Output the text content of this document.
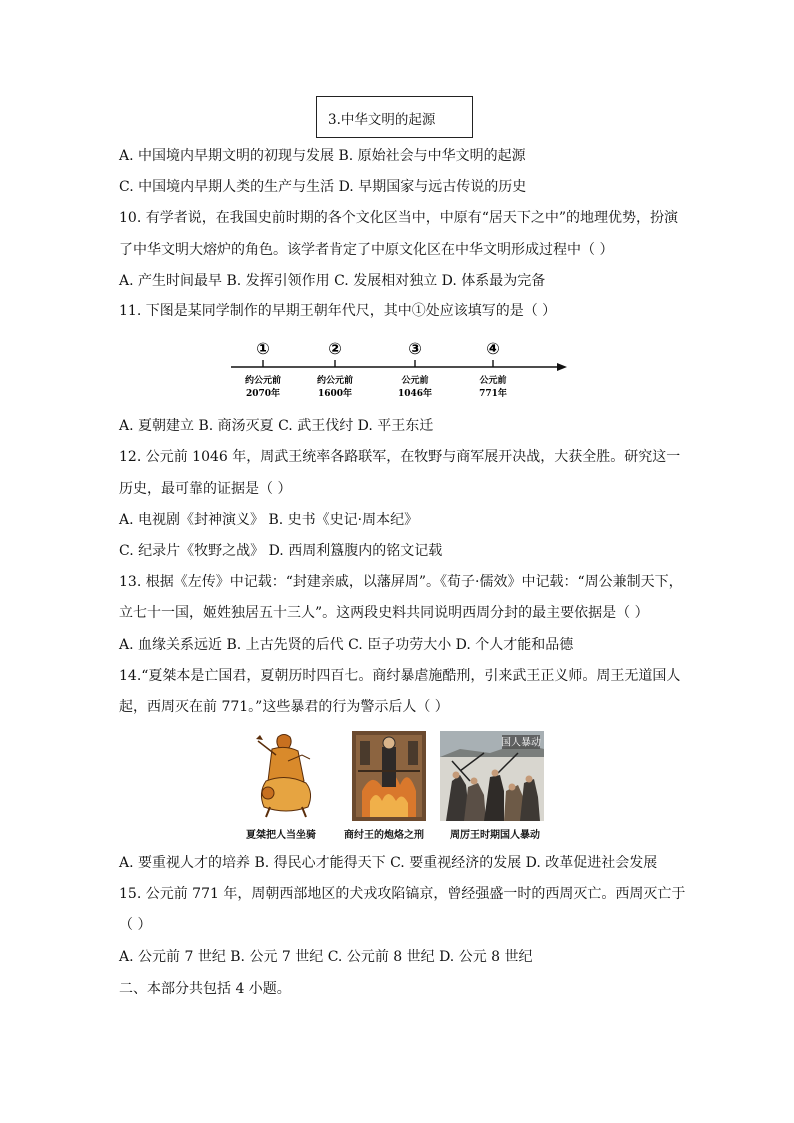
3.中华文明的起源
A. 中国境内早期文明的初现与发展 B. 原始社会与中华文明的起源
C. 中国境内早期人类的生产与生活 D. 早期国家与远古传说的历史
10. 有学者说，在我国史前时期的各个文化区当中，中原有“居天下之中”的地理优势，扮演
了中华文明大熔炉的角色。该学者肯定了中原文化区在中华文明形成过程中（ ）
A. 产生时间最早 B. 发挥引领作用 C. 发展相对独立 D. 体系最为完备
11. 下图是某同学制作的早期王朝年代尺，其中①处应该填写的是（ ）
①	②	③	④
约公元前
2070年
约公元前
1600年
公元前
1046年
公元前
771年
A. 夏朝建立 B. 商汤灭夏 C. 武王伐纣 D. 平王东迁
12. 公元前 1046 年，周武王统率各路联军，在牧野与商军展开决战，大获全胜。研究这一
历史，最可靠的证据是（ ）
A. 电视剧《封神演义》 B. 史书《史记·周本纪》
C. 纪录片《牧野之战》 D. 西周利簋腹内的铭文记载
13. 根据《左传》中记载：“封建亲戚，以藩屏周”。《荀子·儒效》中记载：“周公兼制天下，
立七十一国，姬姓独居五十三人”。这两段史料共同说明西周分封的最主要依据是（ ）
A. 血缘关系远近 B. 上古先贤的后代 C. 臣子功劳大小 D. 个人才能和品德
14.“夏桀本是亡国君，夏朝历时四百七。商纣暴虐施酷刑，引来武王正义师。周王无道国人
起，西周灭在前 771。”这些暴君的行为警示后人（ ）
夏桀把人当坐骑	商纣王的炮烙之刑
国人暴动
周厉王时期国人暴动
A. 要重视人才的培养 B. 得民心才能得天下 C. 要重视经济的发展 D. 改革促进社会发展
15. 公元前 771 年，周朝西部地区的犬戎攻陷镐京，曾经强盛一时的西周灭亡。西周灭亡于
（ ）
A. 公元前 7 世纪 B. 公元 7 世纪 C. 公元前 8 世纪 D. 公元 8 世纪
二、本部分共包括 4 小题。
